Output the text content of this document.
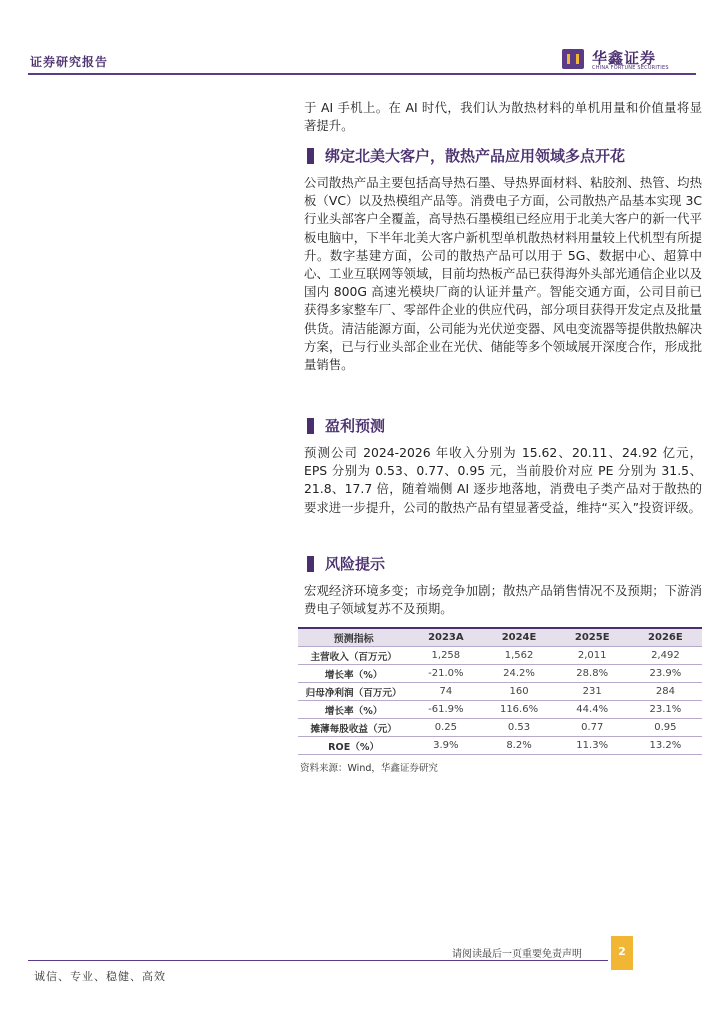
证券研究报告	华鑫证券
CHINA FORTUNE SECURITIES

于 AI 手机上。在 AI 时代，我们认为散热材料的单机用量和价值量将显著提升。

绑定北美大客户，散热产品应用领域多点开花

公司散热产品主要包括高导热石墨、导热界面材料、粘胶剂、热管、均热板（VC）以及热模组产品等。消费电子方面，公司散热产品基本实现 3C 行业头部客户全覆盖，高导热石墨模组已经应用于北美大客户的新一代平板电脑中，下半年北美大客户新机型单机散热材料用量较上代机型有所提升。数字基建方面，公司的散热产品可以用于 5G、数据中心、超算中心、工业互联网等领域，目前均热板产品已获得海外头部光通信企业以及国内 800G 高速光模块厂商的认证并量产。智能交通方面，公司目前已获得多家整车厂、零部件企业的供应代码，部分项目获得开发定点及批量供货。清洁能源方面，公司能为光伏逆变器、风电变流器等提供散热解决方案，已与行业头部企业在光伏、储能等多个领域展开深度合作，形成批量销售。

盈利预测

预测公司 2024-2026 年收入分别为 15.62、20.11、24.92 亿元，EPS 分别为 0.53、0.77、0.95 元，当前股价对应 PE 分别为 31.5、21.8、17.7 倍，随着端侧 AI 逐步地落地，消费电子类产品对于散热的要求进一步提升，公司的散热产品有望显著受益，维持“买入”投资评级。

风险提示

宏观经济环境多变；市场竞争加剧；散热产品销售情况不及预期；下游消费电子领域复苏不及预期。

预测指标	2023A	2024E	2025E	2026E
主营收入（百万元）	1,258	1,562	2,011	2,492
增长率（%）	-21.0%	24.2%	28.8%	23.9%
归母净利润（百万元）	74	160	231	284
增长率（%）	-61.9%	116.6%	44.4%	23.1%
摊薄每股收益（元）	0.25	0.53	0.77	0.95
ROE（%）	3.9%	8.2%	11.3%	13.2%
资料来源：Wind，华鑫证券研究
请阅读最后一页重要免责声明	2
诚信、专业、稳健、高效
